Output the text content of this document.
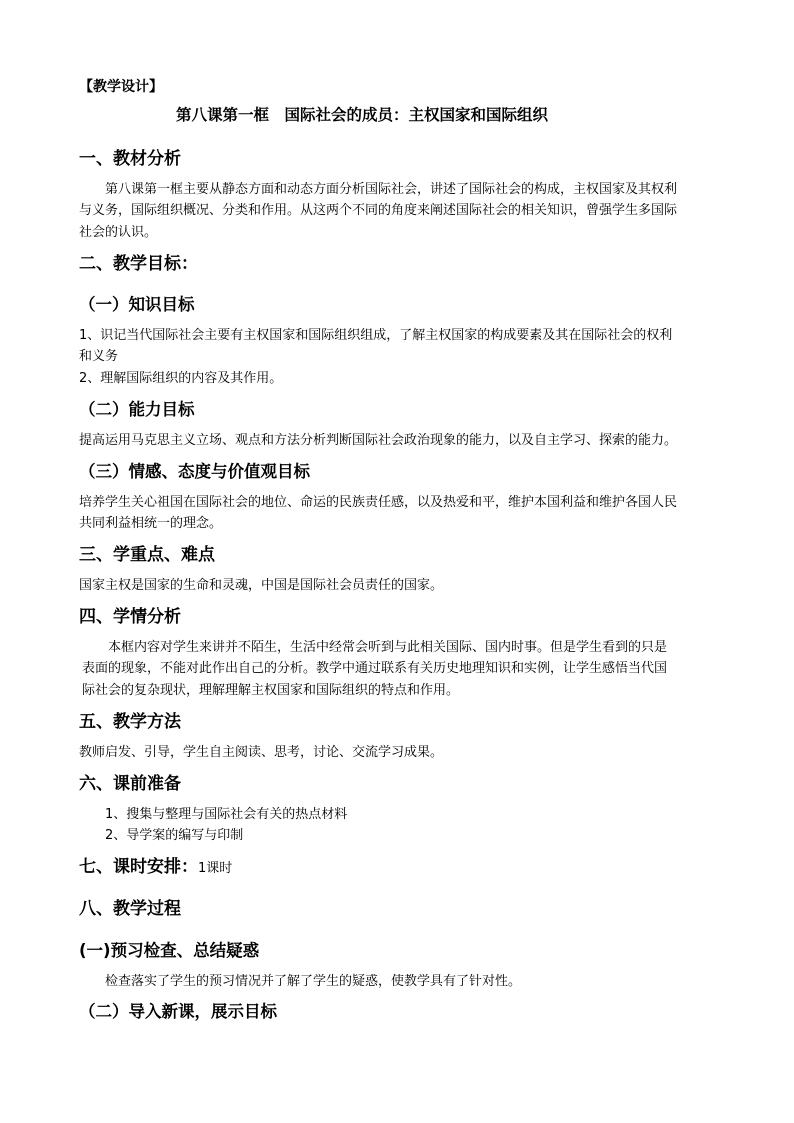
【教学设计】
第八课第一框　国际社会的成员：主权国家和国际组织
一、教材分析
第八课第一框主要从静态方面和动态方面分析国际社会，讲述了国际社会的构成，主权国家及其权利
与义务，国际组织概况、分类和作用。从这两个不同的角度来阐述国际社会的相关知识，曾强学生多国际
社会的认识。
二、教学目标：
（一）知识目标
1、识记当代国际社会主要有主权国家和国际组织组成，了解主权国家的构成要素及其在国际社会的权利
和义务
2、理解国际组织的内容及其作用。
（二）能力目标
提高运用马克思主义立场、观点和方法分析判断国际社会政治现象的能力，以及自主学习、探索的能力。
（三）情感、态度与价值观目标
培养学生关心祖国在国际社会的地位、命运的民族责任感，以及热爱和平，维护本国利益和维护各国人民
共同利益相统一的理念。
三、学重点、难点
国家主权是国家的生命和灵魂，中国是国际社会员责任的国家。
四、学情分析
本框内容对学生来讲并不陌生，生活中经常会听到与此相关国际、国内时事。但是学生看到的只是
表面的现象，不能对此作出自己的分析。教学中通过联系有关历史地理知识和实例，让学生感悟当代国
际社会的复杂现状，理解理解主权国家和国际组织的特点和作用。
五、教学方法
教师启发、引导，学生自主阅读、思考，讨论、交流学习成果。
六、课前准备
1、搜集与整理与国际社会有关的热点材料
2、导学案的编写与印制
七、课时安排：1课时
八、教学过程
(一)预习检查、总结疑惑
检查落实了学生的预习情况并了解了学生的疑惑，使教学具有了针对性。
（二）导入新课，展示目标
